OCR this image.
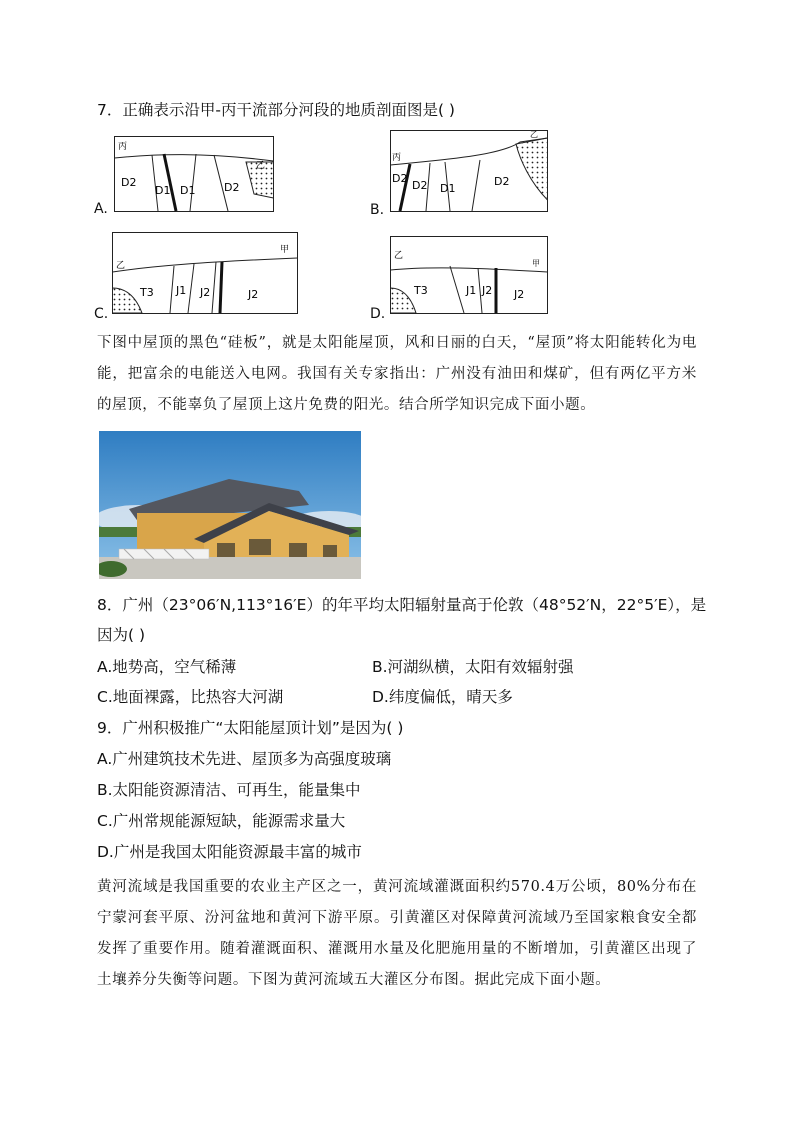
7．正确表示沿甲-丙干流部分河段的地质剖面图是( )
A.
丙
乙
D2
D1 D1	D2
B.
丙
乙
D2
D2 D1
D2
C.
乙
甲
T3 J1 J2	J2
D.
乙
甲
T3	J1 J2 J2
下图中屋顶的黑色“硅板”，就是太阳能屋顶，风和日丽的白天，“屋顶”将太阳能转化为电能，把富余的电能送入电网。我国有关专家指出：广州没有油田和煤矿，但有两亿平方米的屋顶，不能辜负了屋顶上这片免费的阳光。结合所学知识完成下面小题。
8．广州（23°06′N,113°16′E）的年平均太阳辐射量高于伦敦（48°52′N，22°5′E），是
因为( )
A.地势高，空气稀薄	B.河湖纵横，太阳有效辐射强
C.地面裸露，比热容大河湖	D.纬度偏低，晴天多
9．广州积极推广“太阳能屋顶计划”是因为( )
A.广州建筑技术先进、屋顶多为高强度玻璃
B.太阳能资源清洁、可再生，能量集中
C.广州常规能源短缺，能源需求量大
D.广州是我国太阳能资源最丰富的城市
黄河流域是我国重要的农业主产区之一，黄河流域灌溉面积约570.4万公顷，80%分布在宁蒙河套平原、汾河盆地和黄河下游平原。引黄灌区对保障黄河流域乃至国家粮食安全都发挥了重要作用。随着灌溉面积、灌溉用水量及化肥施用量的不断增加，引黄灌区出现了土壤养分失衡等问题。下图为黄河流域五大灌区分布图。据此完成下面小题。
